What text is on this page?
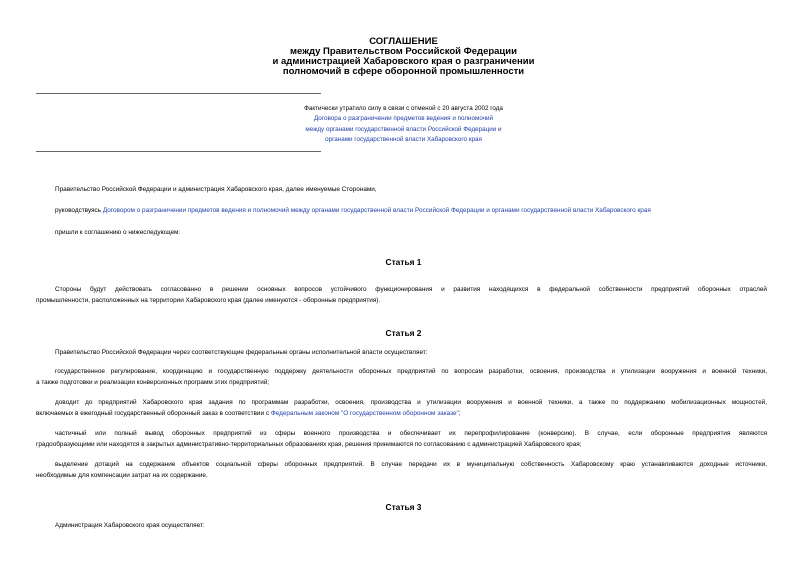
СОГЛАШЕНИЕ
между Правительством Российской Федерации
и администрацией Хабаровского края о разграничении
полномочий в сфере оборонной промышленности
Фактически утратило силу в связи с отменой с 20 августа 2002 года
Договора о разграничении предметов ведения и полномочий
между органами государственной власти Российской Федерации и
органами государственной власти Хабаровского края
Правительство Российской Федерации и администрация Хабаровского края, далее именуемые Сторонами,
руководствуясь Договором о разграничении предметов ведения и полномочий между органами государственной власти Российской Федерации и органами государственной власти Хабаровского края
пришли к соглашению о нижеследующем:
Статья 1
Стороны будут действовать согласованно в решении основных вопросов устойчивого функционирования и развития находящихся в федеральной собственности предприятий оборонных отраслей
промышленности, расположенных на территории Хабаровского края (далее именуются - оборонные предприятия).
Статья 2
Правительство Российской Федерации через соответствующие федеральные органы исполнительной власти осуществляет:
государственное регулирование, координацию и государственную поддержку деятельности оборонных предприятий по вопросам разработки, освоения, производства и утилизации вооружения и военной техники,
а также подготовки и реализации конверсионных программ этих предприятий;
доводит до предприятий Хабаровского края задания по программам разработки, освоения, производства и утилизации вооружения и военной техники, а также по поддержанию мобилизационных мощностей,
включаемых в ежегодный государственный оборонный заказ в соответствии с Федеральным законом "О государственном оборонном заказе";
частичный или полный вывод оборонных предприятий из сферы военного производства и обеспечивает их перепрофилирование (конверсию). В случае, если оборонные предприятия являются
градообразующими или находятся в закрытых административно-территориальных образованиях края, решения принимаются по согласованию с администрацией Хабаровского края;
выделение дотаций на содержание объектов социальной сферы оборонных предприятий. В случае передачи их в муниципальную собственность Хабаровскому краю устанавливаются доходные источники,
необходимые для компенсации затрат на их содержание.
Статья 3
Администрация Хабаровского края осуществляет:
